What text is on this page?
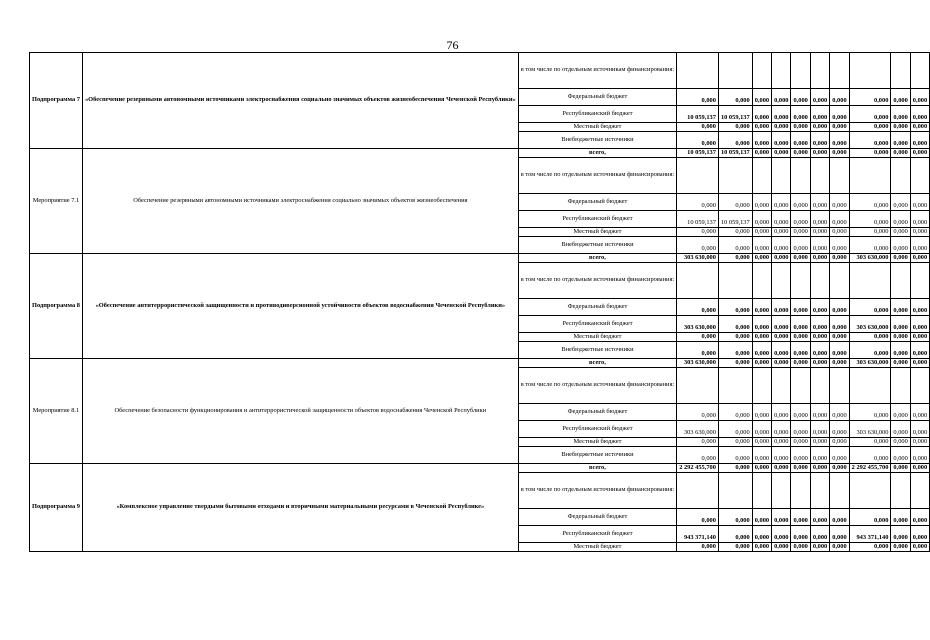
76
Подпрограмма 7	«Обеспечение резервными автономными источниками электроснабжения социально значимых объектов жизнеобеспечения Чеченской Республики»	в том числе по отдельным источникам финансирования:										
		Федеральный бюджет	0,000	0,000	0,000	0,000	0,000	0,000	0,000	0,000	0,000	0,000
		Республиканский бюджет	10 059,137	10 059,137	0,000	0,000	0,000	0,000	0,000	0,000	0,000	0,000
		Местный бюджет	0,000	0,000	0,000	0,000	0,000	0,000	0,000	0,000	0,000	0,000
		Внебюджетные источники	0,000	0,000	0,000	0,000	0,000	0,000	0,000	0,000	0,000	0,000
Мероприятие 7.1	Обеспечение резервными автономными источниками электроснабжения социально значимых объектов жизнеобеспечения	всего,	10 059,137	10 059,137	0,000	0,000	0,000	0,000	0,000	0,000	0,000	0,000
		в том числе по отдельным источникам финансирования:										
		Федеральный бюджет	0,000	0,000	0,000	0,000	0,000	0,000	0,000	0,000	0,000	0,000
		Республиканский бюджет	10 059,137	10 059,137	0,000	0,000	0,000	0,000	0,000	0,000	0,000	0,000
		Местный бюджет	0,000	0,000	0,000	0,000	0,000	0,000	0,000	0,000	0,000	0,000
		Внебюджетные источники	0,000	0,000	0,000	0,000	0,000	0,000	0,000	0,000	0,000	0,000
Подпрограмма 8	«Обеспечение антитеррористической защищенности и противодиверсионной устойчивости объектов водоснабжения Чеченской Республики»	всего,	303 630,000	0,000	0,000	0,000	0,000	0,000	0,000	303 630,000	0,000	0,000
		в том числе по отдельным источникам финансирования:										
		Федеральный бюджет	0,000	0,000	0,000	0,000	0,000	0,000	0,000	0,000	0,000	0,000
		Республиканский бюджет	303 630,000	0,000	0,000	0,000	0,000	0,000	0,000	303 630,000	0,000	0,000
		Местный бюджет	0,000	0,000	0,000	0,000	0,000	0,000	0,000	0,000	0,000	0,000
		Внебюджетные источники	0,000	0,000	0,000	0,000	0,000	0,000	0,000	0,000	0,000	0,000
Мероприятие 8.1	Обеспечение безопасности функционирования и антитеррористической защищенности объектов водоснабжения Чеченской Республики	всего,	303 630,000	0,000	0,000	0,000	0,000	0,000	0,000	303 630,000	0,000	0,000
		в том числе по отдельным источникам финансирования:										
		Федеральный бюджет	0,000	0,000	0,000	0,000	0,000	0,000	0,000	0,000	0,000	0,000
		Республиканский бюджет	303 630,000	0,000	0,000	0,000	0,000	0,000	0,000	303 630,000	0,000	0,000
		Местный бюджет	0,000	0,000	0,000	0,000	0,000	0,000	0,000	0,000	0,000	0,000
		Внебюджетные источники	0,000	0,000	0,000	0,000	0,000	0,000	0,000	0,000	0,000	0,000
Подпрограмма 9	«Комплексное управление твердыми бытовыми отходами и вторичными материальными ресурсами в Чеченской Республике»	всего,	2 292 455,700	0,000	0,000	0,000	0,000	0,000	0,000	2 292 455,700	0,000	0,000
		в том числе по отдельным источникам финансирования:										
		Федеральный бюджет	0,000	0,000	0,000	0,000	0,000	0,000	0,000	0,000	0,000	0,000
		Республиканский бюджет	943 371,140	0,000	0,000	0,000	0,000	0,000	0,000	943 371,140	0,000	0,000
		Местный бюджет	0,000	0,000	0,000	0,000	0,000	0,000	0,000	0,000	0,000	0,000
